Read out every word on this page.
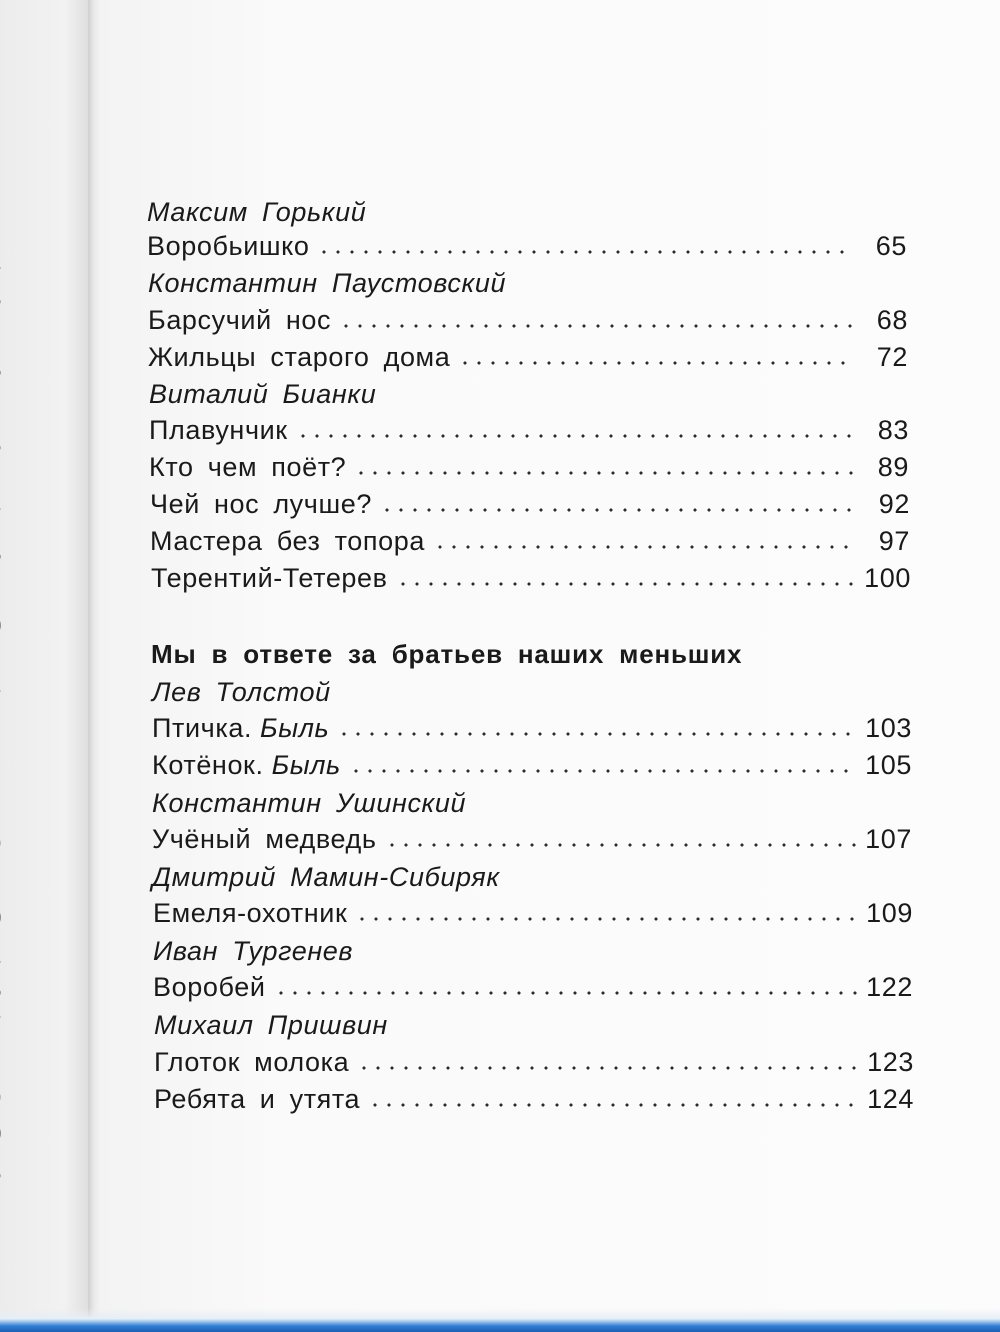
Максим Горький
Воробьишко	65
Константин Паустовский
Барсучий нос	68
Жильцы старого дома	72
Виталий Бианки
Плавунчик	83
Кто чем поёт?	89
Чей нос лучше?	92
Мастера без топора	97
Терентий-Тетерев	100
Мы в ответе за братьев наших меньших
Лев Толстой
Птичка. Быль	103
Котёнок. Быль	105
Константин Ушинский
Учёный медведь	107
Дмитрий Мамин-Сибиряк
Емеля-охотник	109
Иван Тургенев
Воробей	122
Михаил Пришвин
Глоток молока	123
Ребята и утята	124
